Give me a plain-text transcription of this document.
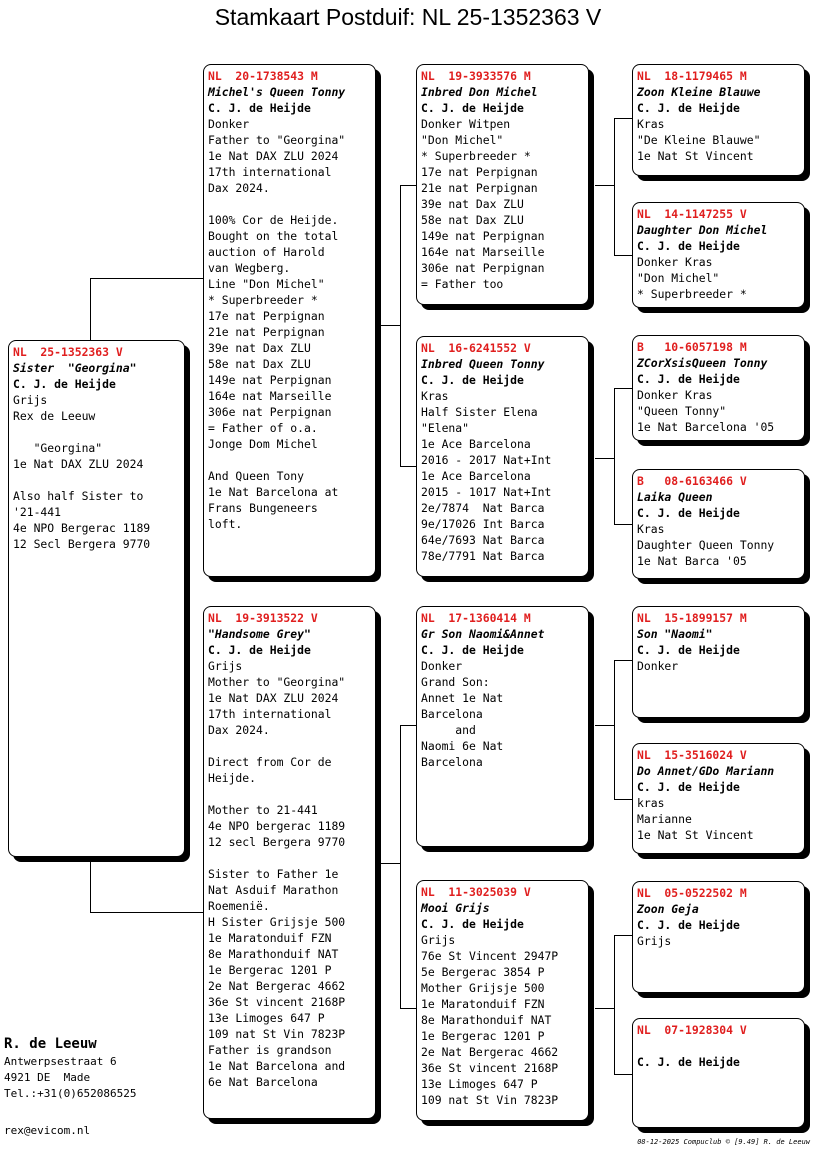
Stamkaart Postduif: NL 25-1352363 V
NL  25-1352363 V
Sister  "Georgina"
C. J. de Heijde
Grijs
Rex de Leeuw
"Georgina"
1e Nat DAX ZLU 2024
Also half Sister to
'21-441
4e NPO Bergerac 1189
12 Secl Bergera 9770
NL  20-1738543 M
Michel's Queen Tonny
C. J. de Heijde
Donker
Father to "Georgina"
1e Nat DAX ZLU 2024
17th international
Dax 2024.
100% Cor de Heijde.
Bought on the total
auction of Harold
van Wegberg.
Line "Don Michel"
* Superbreeder *
17e nat Perpignan
21e nat Perpignan
39e nat Dax ZLU
58e nat Dax ZLU
149e nat Perpignan
164e nat Marseille
306e nat Perpignan
= Father of o.a.
Jonge Dom Michel
And Queen Tony
1e Nat Barcelona at
Frans Bungeneers
loft.
NL  19-3913522 V
"Handsome Grey"
C. J. de Heijde
Grijs
Mother to "Georgina"
1e Nat DAX ZLU 2024
17th international
Dax 2024.
Direct from Cor de
Heijde.
Mother to 21-441
4e NPO bergerac 1189
12 secl Bergera 9770
Sister to Father 1e
Nat Asduif Marathon
Roemenië.
H Sister Grijsje 500
1e Maratonduif FZN
8e Marathonduif NAT
1e Bergerac 1201 P
2e Nat Bergerac 4662
36e St vincent 2168P
13e Limoges 647 P
109 nat St Vin 7823P
Father is grandson
1e Nat Barcelona and
6e Nat Barcelona
NL  19-3933576 M
Inbred Don Michel
C. J. de Heijde
Donker Witpen
"Don Michel"
* Superbreeder *
17e nat Perpignan
21e nat Perpignan
39e nat Dax ZLU
58e nat Dax ZLU
149e nat Perpignan
164e nat Marseille
306e nat Perpignan
= Father too
NL  16-6241552 V
Inbred Queen Tonny
C. J. de Heijde
Kras
Half Sister Elena
"Elena"
1e Ace Barcelona
2016 - 2017 Nat+Int
1e Ace Barcelona
2015 - 1017 Nat+Int
2e/7874  Nat Barca
9e/17026 Int Barca
64e/7693 Nat Barca
78e/7791 Nat Barca
NL  17-1360414 M
Gr Son Naomi&Annet
C. J. de Heijde
Donker
Grand Son:
Annet 1e Nat
Barcelona
and
Naomi 6e Nat
Barcelona
NL  11-3025039 V
Mooi Grijs
C. J. de Heijde
Grijs
76e St Vincent 2947P
5e Bergerac 3854 P
Mother Grijsje 500
1e Maratonduif FZN
8e Marathonduif NAT
1e Bergerac 1201 P
2e Nat Bergerac 4662
36e St vincent 2168P
13e Limoges 647 P
109 nat St Vin 7823P
NL  18-1179465 M
Zoon Kleine Blauwe
C. J. de Heijde
Kras
"De Kleine Blauwe"
1e Nat St Vincent
NL  14-1147255 V
Daughter Don Michel
C. J. de Heijde
Donker Kras
"Don Michel"
* Superbreeder *
B   10-6057198 M
ZCorXsisQueen Tonny
C. J. de Heijde
Donker Kras
"Queen Tonny"
1e Nat Barcelona '05
B   08-6163466 V
Laika Queen
C. J. de Heijde
Kras
Daughter Queen Tonny
1e Nat Barca '05
NL  15-1899157 M
Son "Naomi"
C. J. de Heijde
Donker
NL  15-3516024 V
Do Annet/GDo Mariann
C. J. de Heijde
kras
Marianne
1e Nat St Vincent
NL  05-0522502 M
Zoon Geja
C. J. de Heijde
Grijs
NL  07-1928304 V
C. J. de Heijde
R. de Leeuw
Antwerpsestraat 6
4921 DE  Made
Tel.:+31(0)652086525
rex@evicom.nl
08-12-2025 Compuclub © [9.49] R. de Leeuw
